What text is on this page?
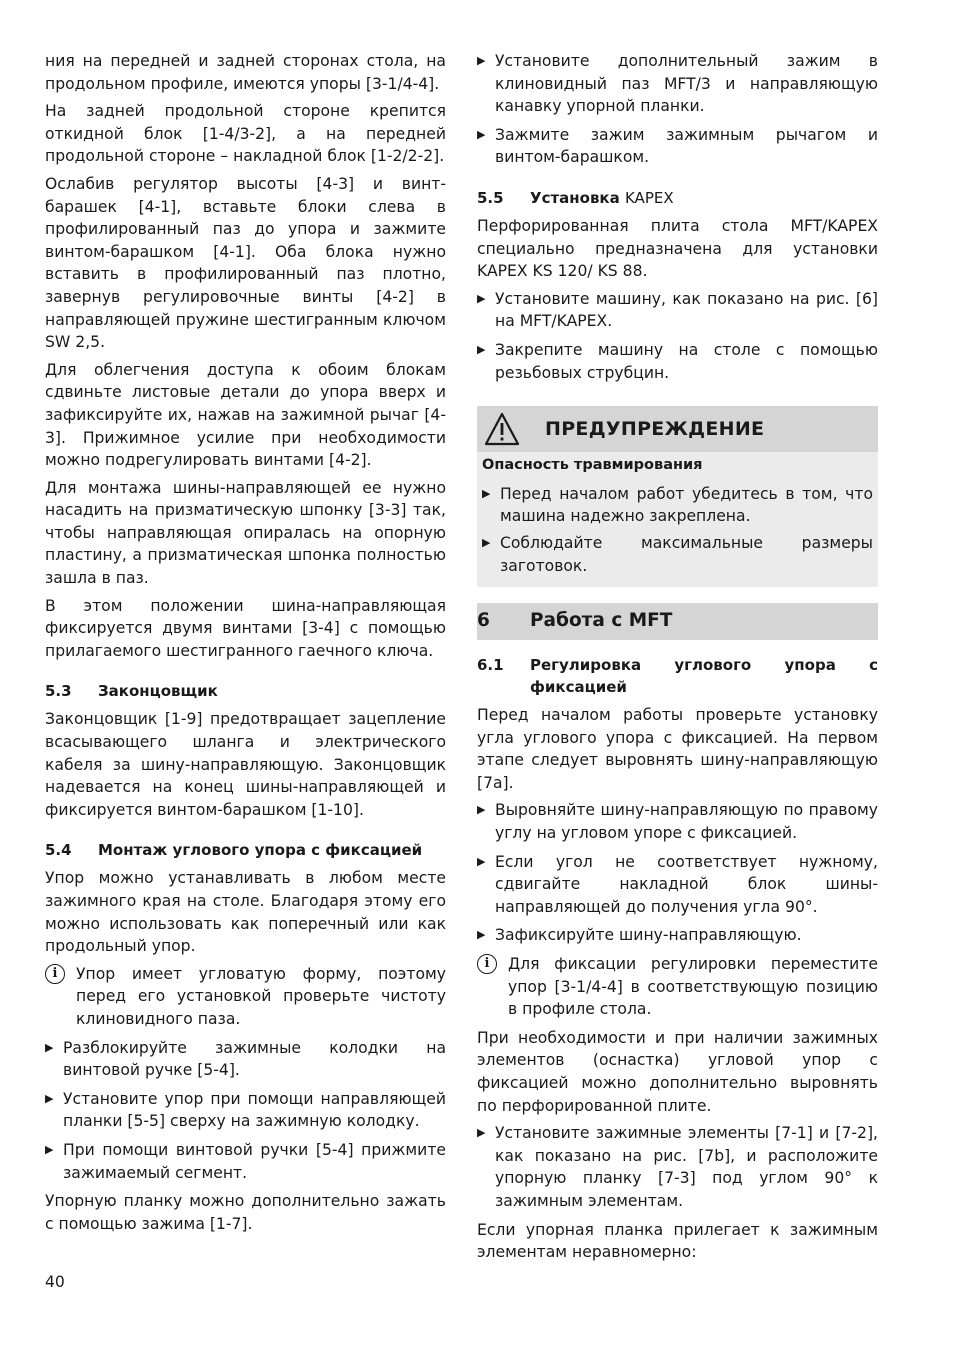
ния на передней и задней сторонах стола, на продольном профиле, имеются упоры [3-1/4-4].

На задней продольной стороне крепится откидной блок [1-4/3-2], а на передней продольной стороне – накладной блок [1-2/2-2].

Ослабив регулятор высоты [4-3] и винт-барашек [4-1], вставьте блоки слева в профилированный паз до упора и зажмите винтом-барашком [4-1]. Оба блока нужно вставить в профилированный паз плотно, завернув регулировочные винты [4-2] в направляющей пружине шестигранным ключом SW 2,5.

Для облегчения доступа к обоим блокам сдвиньте листовые детали до упора вверх и зафиксируйте их, нажав на зажимной рычаг [4-3]. Прижимное усилие при необходимости можно подрегулировать винтами [4-2].

Для монтажа шины-направляющей ее нужно насадить на призматическую шпонку [3-3] так, чтобы направляющая опиралась на опорную пластину, а призматическая шпонка полностью зашла в паз.

В этом положении шина-направляющая фиксируется двумя винтами [3-4] с помощью прилагаемого шестигранного гаечного ключа.

5.3	Законцовщик

Законцовщик [1-9] предотвращает зацепление всасывающего шланга и электрического кабеля за шину-направляющую. Законцовщик надевается на конец шины-направляющей и фиксируется винтом-барашком [1-10].

5.4	Монтаж углового упора с фиксацией

Упор можно устанавливать в любом месте зажимного края на столе. Благодаря этому его можно использовать как поперечный или как продольный упор.

i	Упор имеет угловатую форму, поэтому перед его установкой проверьте чистоту клиновидного паза.
▶ Разблокируйте зажимные колодки на винтовой ручке [5-4].
▶ Установите упор при помощи направляющей планки [5-5] сверху на зажимную колодку.
▶ При помощи винтовой ручки [5-4] прижмите зажимаемый сегмент.

Упорную планку можно дополнительно зажать с помощью зажима [1-7].

▶ Установите дополнительный зажим в клиновидный паз MFT/3 и направляющую канавку упорной планки.
▶ Зажмите зажим зажимным рычагом и винтом-барашком.
5.5	Установка KAPEX

Перфорированная плита стола MFT/KAPEX специально предназначена для установки KAPEX KS 120/ KS 88.

▶ Установите машину, как показано на рис. [6] на MFT/KAPEX.
▶ Закрепите машину на столе с помощью резьбовых струбцин.
ПРЕДУПРЕЖДЕНИЕ
Опасность травмирования
▶ Перед началом работ убедитесь в том, что машина надежно закреплена.
▶ Соблюдайте максимальные размеры заготовок.
6	Работа с MFT
6.1	Регулировка углового упора с фиксацией

Перед началом работы проверьте установку угла углового упора с фиксацией. На первом этапе следует выровнять шину-направляющую [7a].

▶ Выровняйте шину-направляющую по правому углу на угловом упоре с фиксацией.
▶ Если угол не соответствует нужному, сдвигайте накладной блок шины-направляющей до получения угла 90°.
▶ Зафиксируйте шину-направляющую.
i	Для фиксации регулировки переместите упор [3-1/4-4] в соответствующую позицию в профиле стола.

При необходимости и при наличии зажимных элементов (оснастка) угловой упор с фиксацией можно дополнительно выровнять по перфорированной плите.

▶ Установите зажимные элементы [7-1] и [7-2], как показано на рис. [7b], и расположите упорную планку [7-3] под углом 90° к зажимным элементам.

Если упорная планка прилегает к зажимным элементам неравномерно:

40
